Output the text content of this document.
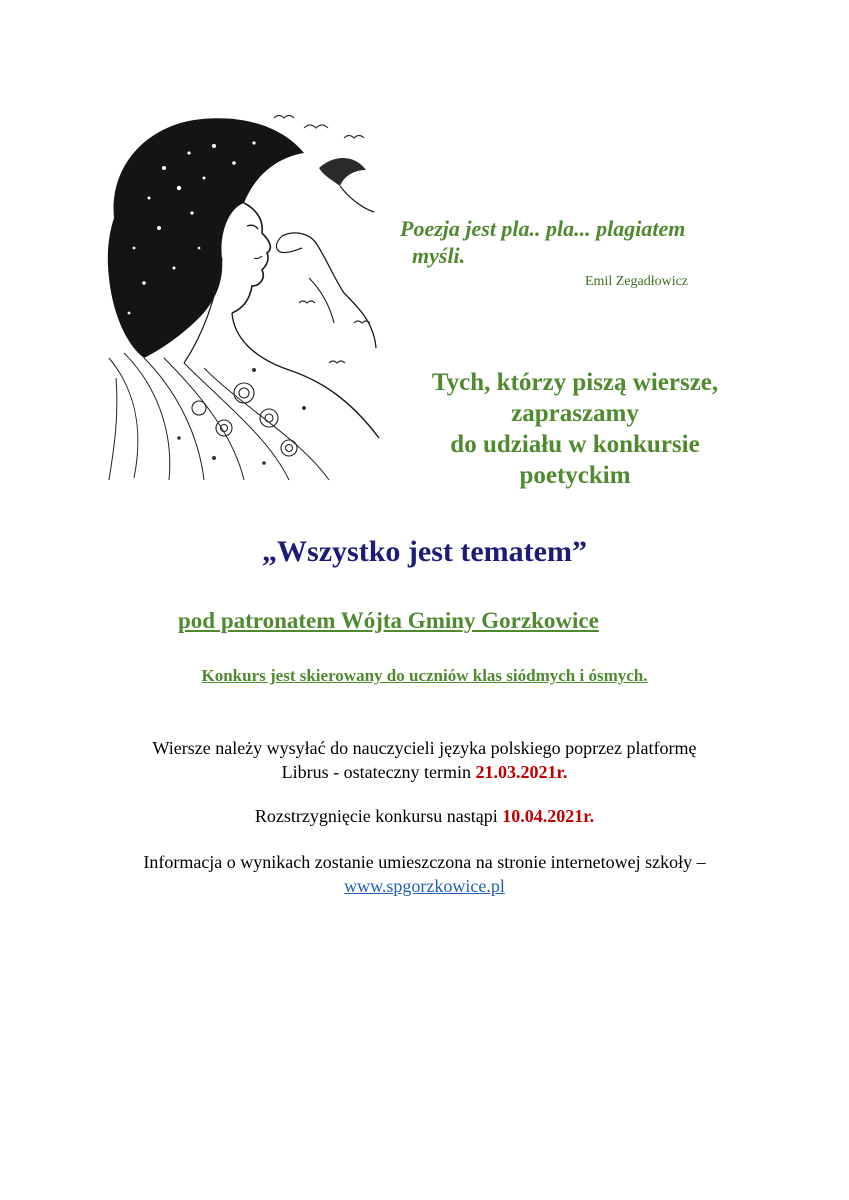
Poezja jest pla.. pla... plagiatem
myśli.
Emil Zegadłowicz
Tych, którzy piszą wiersze,
zapraszamy
do udziału w konkursie
poetyckim
„Wszystko jest tematem”
pod patronatem Wójta Gminy Gorzkowice
Konkurs jest skierowany do uczniów klas siódmych i ósmych.
Wiersze należy wysyłać do nauczycieli języka polskiego poprzez platformę
Librus - ostateczny termin 21.03.2021r.
Rozstrzygnięcie konkursu nastąpi 10.04.2021r.
Informacja o wynikach zostanie umieszczona na stronie internetowej szkoły –
www.spgorzkowice.pl
